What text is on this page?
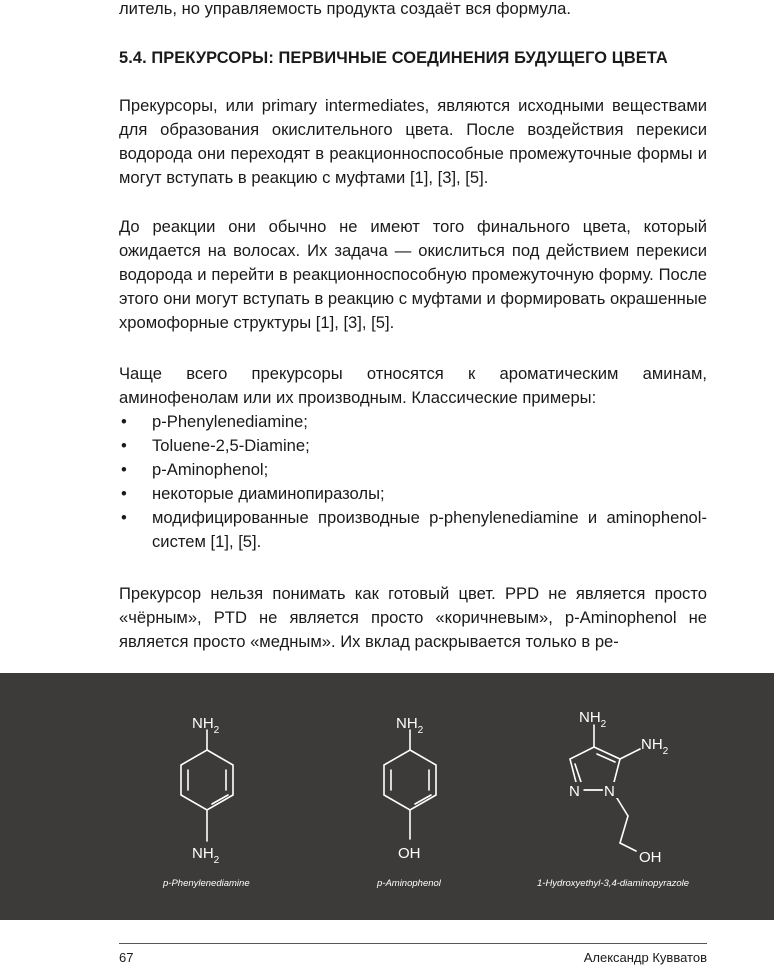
литель, но управляемость продукта создаёт вся формула.

5.4. ПРЕКУРСОРЫ: ПЕРВИЧНЫЕ СОЕДИНЕНИЯ БУДУЩЕГО ЦВЕТА

Прекурсоры, или primary intermediates, являются исходными веществами для образования окислительного цвета. После воздействия перекиси водорода они переходят в реакционноспособные промежуточные формы и могут вступать в реакцию с муфтами [1], [3], [5].

До реакции они обычно не имеют того финального цвета, который ожидается на волосах. Их задача — окислиться под действием перекиси водорода и перейти в реакционноспособную промежуточную форму. После этого они могут вступать в реакцию с муфтами и формировать окрашенные хромофорные структуры [1], [3], [5].

Чаще всего прекурсоры относятся к ароматическим аминам, аминофенолам или их производным. Классические примеры:

• p-Phenylenediamine;
• Toluene-2,5-Diamine;
• p-Aminophenol;
• некоторые диаминопиразолы;
• модифицированные производные p-phenylenediamine и aminophenol-систем [1], [5].

Прекурсор нельзя понимать как готовый цвет. PPD не является просто «чёрным», PTD не является просто «коричневым», p-Aminophenol не является просто «медным». Их вклад раскрывается только в ре-

$NH_2$
$NH_2$
$NH_2$
OH
N N
$NH_2$
$NH_2$
OH
p-Phenylenediamine	p-Aminophenol	1-Hydroxyethyl-3,4-diaminopyrazole
67	Александр Кувватов
